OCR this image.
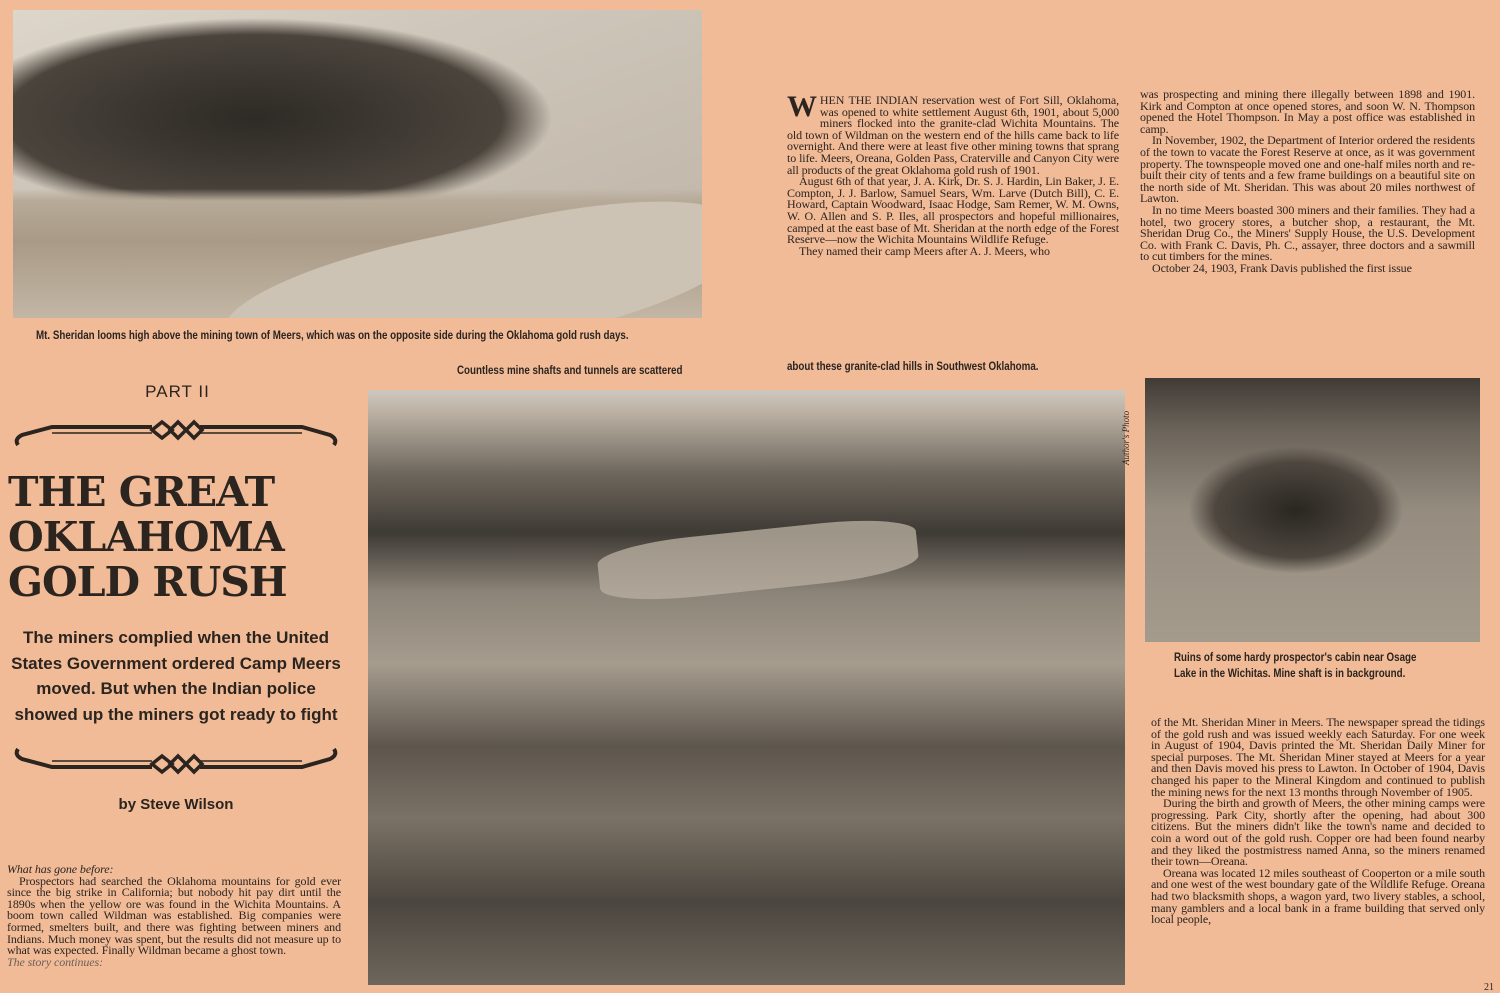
Mt. Sheridan looms high above the mining town of Meers, which was on the opposite side during the Oklahoma gold rush days.
Countless mine shafts and tunnels are scattered	about these granite-clad hills in Southwest Oklahoma.
Author's Photo
Ruins of some hardy prospector's cabin near Osage
Lake in the Wichitas. Mine shaft is in background.
PART II
THE GREAT
OKLAHOMA
GOLD RUSH
The miners complied when the United
States Government ordered Camp Meers
moved. But when the Indian police
showed up the miners got ready to fight
by Steve Wilson

What has gone before:

Prospectors had searched the Oklahoma mountains for gold ever since the big strike in California; but nobody hit pay dirt until the 1890s when the yellow ore was found in the Wichita Mountains. A boom town called Wildman was established. Big companies were formed, smelters built, and there was fighting between miners and Indians. Much money was spent, but the results did not measure up to what was expected. Finally Wildman became a ghost town.

The story continues:

WHEN THE INDIAN reservation west of Fort Sill, Oklahoma, was opened to white settlement August 6th, 1901, about 5,000 miners flocked into the granite-clad Wichita Mountains. The old town of Wildman on the western end of the hills came back to life overnight. And there were at least five other mining towns that sprang to life. Meers, Oreana, Golden Pass, Craterville and Canyon City were all products of the great Oklahoma gold rush of 1901.

August 6th of that year, J. A. Kirk, Dr. S. J. Hardin, Lin Baker, J. E. Compton, J. J. Barlow, Samuel Sears, Wm. Larve (Dutch Bill), C. E. Howard, Captain Woodward, Isaac Hodge, Sam Remer, W. M. Owns, W. O. Allen and S. P. Iles, all prospectors and hopeful millionaires, camped at the east base of Mt. Sheridan at the north edge of the Forest Reserve—now the Wichita Mountains Wildlife Refuge.

They named their camp Meers after A. J. Meers, who

was prospecting and mining there illegally between 1898 and 1901. Kirk and Compton at once opened stores, and soon W. N. Thompson opened the Hotel Thompson. In May a post office was established in camp.

In November, 1902, the Department of Interior ordered the residents of the town to vacate the Forest Reserve at once, as it was government property. The townspeople moved one and one-half miles north and re-built their city of tents and a few frame buildings on a beautiful site on the north side of Mt. Sheridan. This was about 20 miles northwest of Lawton.

In no time Meers boasted 300 miners and their families. They had a hotel, two grocery stores, a butcher shop, a restaurant, the Mt. Sheridan Drug Co., the Miners' Supply House, the U.S. Development Co. with Frank C. Davis, Ph. C., assayer, three doctors and a sawmill to cut timbers for the mines.

October 24, 1903, Frank Davis published the first issue

of the Mt. Sheridan Miner in Meers. The newspaper spread the tidings of the gold rush and was issued weekly each Saturday. For one week in August of 1904, Davis printed the Mt. Sheridan Daily Miner for special purposes. The Mt. Sheridan Miner stayed at Meers for a year and then Davis moved his press to Lawton. In October of 1904, Davis changed his paper to the Mineral Kingdom and continued to publish the mining news for the next 13 months through November of 1905.

During the birth and growth of Meers, the other mining camps were progressing. Park City, shortly after the opening, had about 300 citizens. But the miners didn't like the town's name and decided to coin a word out of the gold rush. Copper ore had been found nearby and they liked the postmistress named Anna, so the miners renamed their town—Oreana.

Oreana was located 12 miles southeast of Cooperton or a mile south and one west of the west boundary gate of the Wildlife Refuge. Oreana had two blacksmith shops, a wagon yard, two livery stables, a school, many gamblers and a local bank in a frame building that served only local people,

21
